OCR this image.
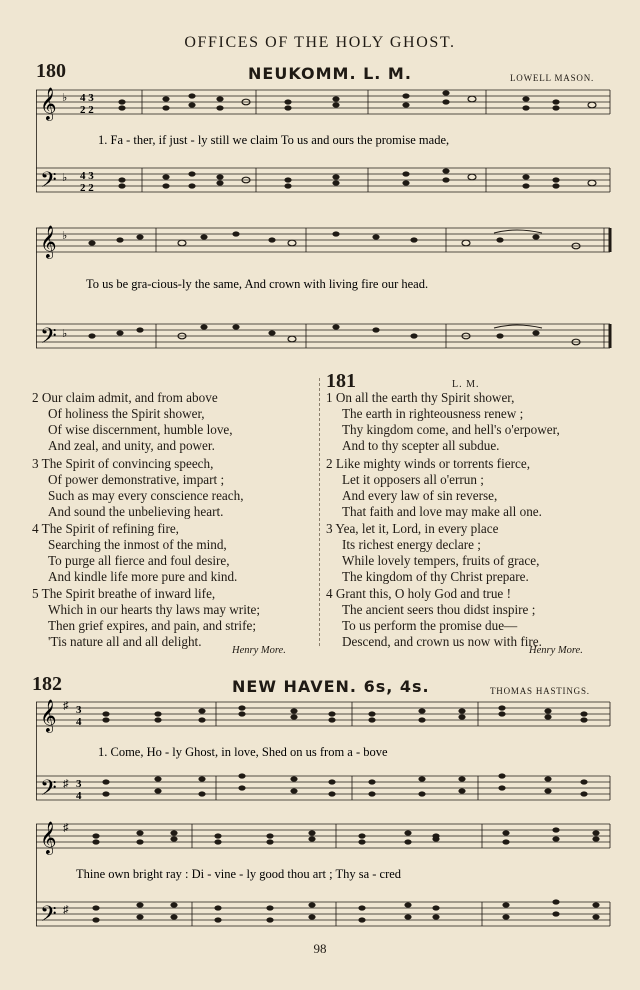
OFFICES OF THE HOLY GHOST.
180	NEUKOMM. L. M.	LOWELL MASON.
𝄞
𝄢
♭
♭
4 3
2 2
4 3
2 2
1. Fa - ther, if just - ly still we claim To us and ours the promise made,
𝄞
𝄢
♭
♭
To us be gra-cious-ly the same, And crown with living fire our head.
2 Our claim admit, and from above
Of holiness the Spirit shower,
Of wise discernment, humble love,
And zeal, and unity, and power.
3 The Spirit of convincing speech,
Of power demonstrative, impart ;
Such as may every conscience reach,
And sound the unbelieving heart.
4 The Spirit of refining fire,
Searching the inmost of the mind,
To purge all fierce and foul desire,
And kindle life more pure and kind.
5 The Spirit breathe of inward life,
Which in our hearts thy laws may write;
Then grief expires, and pain, and strife;
'Tis nature all and all delight.
Henry More.
181	L. M.
1 On all the earth thy Spirit shower,
The earth in righteousness renew ;
Thy kingdom come, and hell's o'erpower,
And to thy scepter all subdue.
2 Like mighty winds or torrents fierce,
Let it opposers all o'errun ;
And every law of sin reverse,
That faith and love may make all one.
3 Yea, let it, Lord, in every place
Its richest energy declare ;
While lovely tempers, fruits of grace,
The kingdom of thy Christ prepare.
4 Grant this, O holy God and true !
The ancient seers thou didst inspire ;
To us perform the promise due—
Descend, and crown us now with fire.
Henry More.
182	NEW HAVEN. 6s, 4s.	THOMAS HASTINGS.
𝄞
𝄢
♯
♯
3
4
3
4
1. Come, Ho - ly Ghost, in love, Shed on us from a - bove
𝄞
𝄢
♯
♯
Thine own bright ray : Di - vine - ly good thou art ; Thy sa - cred
98
